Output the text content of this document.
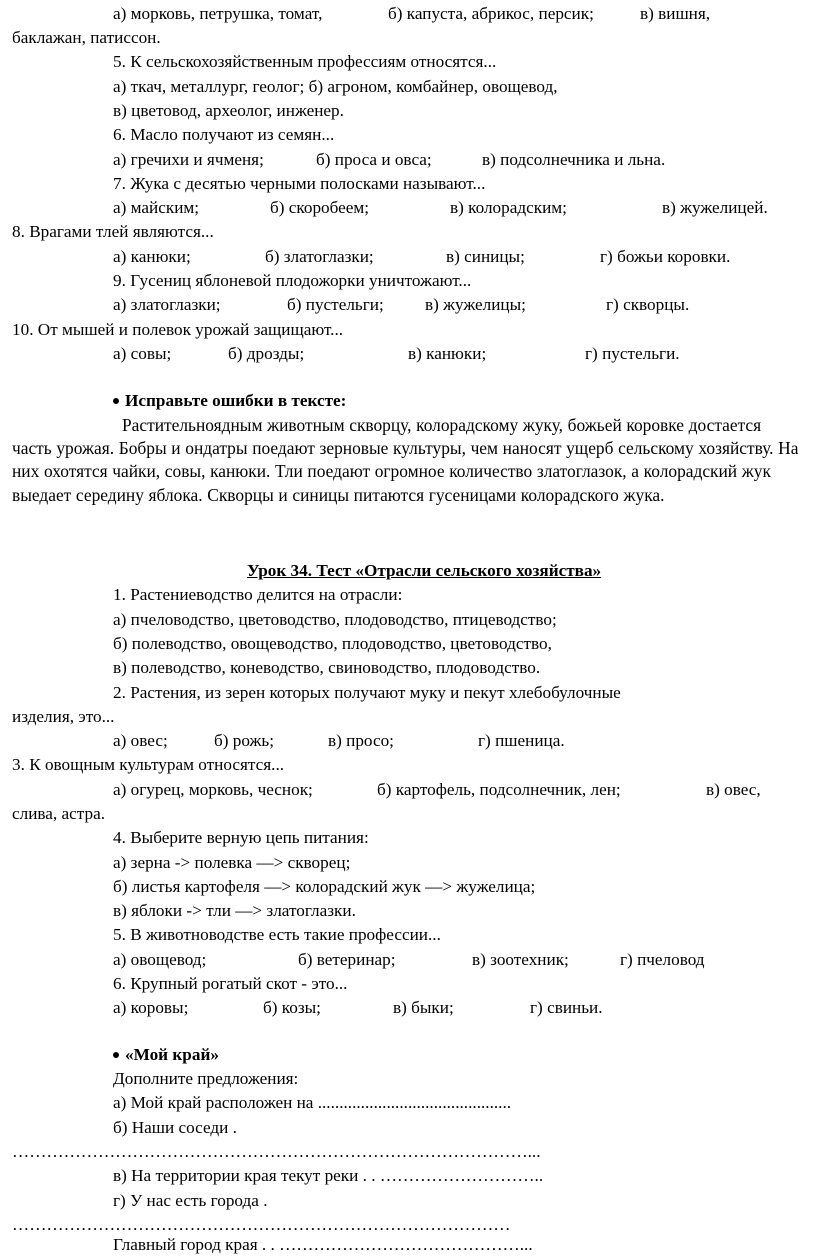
а) морковь, петрушка, томат,	б) капуста, абрикос, персик;	в) вишня,
баклажан, патиссон.
5. К сельскохозяйственным профессиям относятся...
а) ткач, металлург, геолог; б) агроном, комбайнер, овощевод,
в) цветовод, археолог, инженер.
6. Масло получают из семян...
а) гречихи и ячменя;	б) проса и овса;	в) подсолнечника и льна.
7. Жука с десятью черными полосками называют...
а) майским;	б) скоробеем;	в) колорадским;	в) жужелицей.
8. Врагами тлей являются...
а) канюки;	б) златоглазки;	в) синицы;	г) божьи коровки.
9. Гусениц яблоневой плодожорки уничтожают...
а) златоглазки;	б) пустельги; в) жужелицы;	г) скворцы.
10. От мышей и полевок урожай защищают...
а) совы;	б) дрозды;	в) канюки;	г) пустельги.
Исправьте ошибки в тексте:
Растительноядным животным скворцу, колорадскому жуку, божьей коровке достается часть урожая. Бобры и ондатры поедают зерновые культуры, чем наносят ущерб сельскому хозяйству. На них охотятся чайки, совы, канюки. Тли поедают огромное количество златоглазок, а колорадский жук выедает середину яблока. Скворцы и синицы питаются гусеницами колорадского жука.
Урок 34. Тест «Отрасли сельского хозяйства»
1. Растениеводство делится на отрасли:
а) пчеловодство, цветоводство, плодоводство, птицеводство;
б) полеводство, овощеводство, плодоводство, цветоводство,
в) полеводство, коневодство, свиноводство, плодоводство.
2. Растения, из зерен которых получают муку и пекут хлебобулочные
изделия, это...
а) овес;	б) рожь;	в) просо;	г) пшеница.
3. К овощным культурам относятся...
а) огурец, морковь, чеснок;	б) картофель, подсолнечник, лен;	в) овес,
слива, астра.
4. Выберите верную цепь питания:
а) зерна -> полевка —> скворец;
б) листья картофеля —> колорадский жук —> жужелица;
в) яблоки -> тли —> златоглазки.
5. В животноводстве есть такие профессии...
а) овощевод;	б) ветеринар;	в) зоотехник;	г) пчеловод
6. Крупный рогатый скот - это...
а) коровы;	б) козы;	в) быки;	г) свиньи.
«Мой край»
Дополните предложения:
а) Мой край расположен на .............................................
б) Наши соседи .
………………………………………………………………………………...
в) На территории края текут реки . . ………………………..
г) У нас есть города .
……………………………………………………………………………
Главный город края . . ……………………………………...
